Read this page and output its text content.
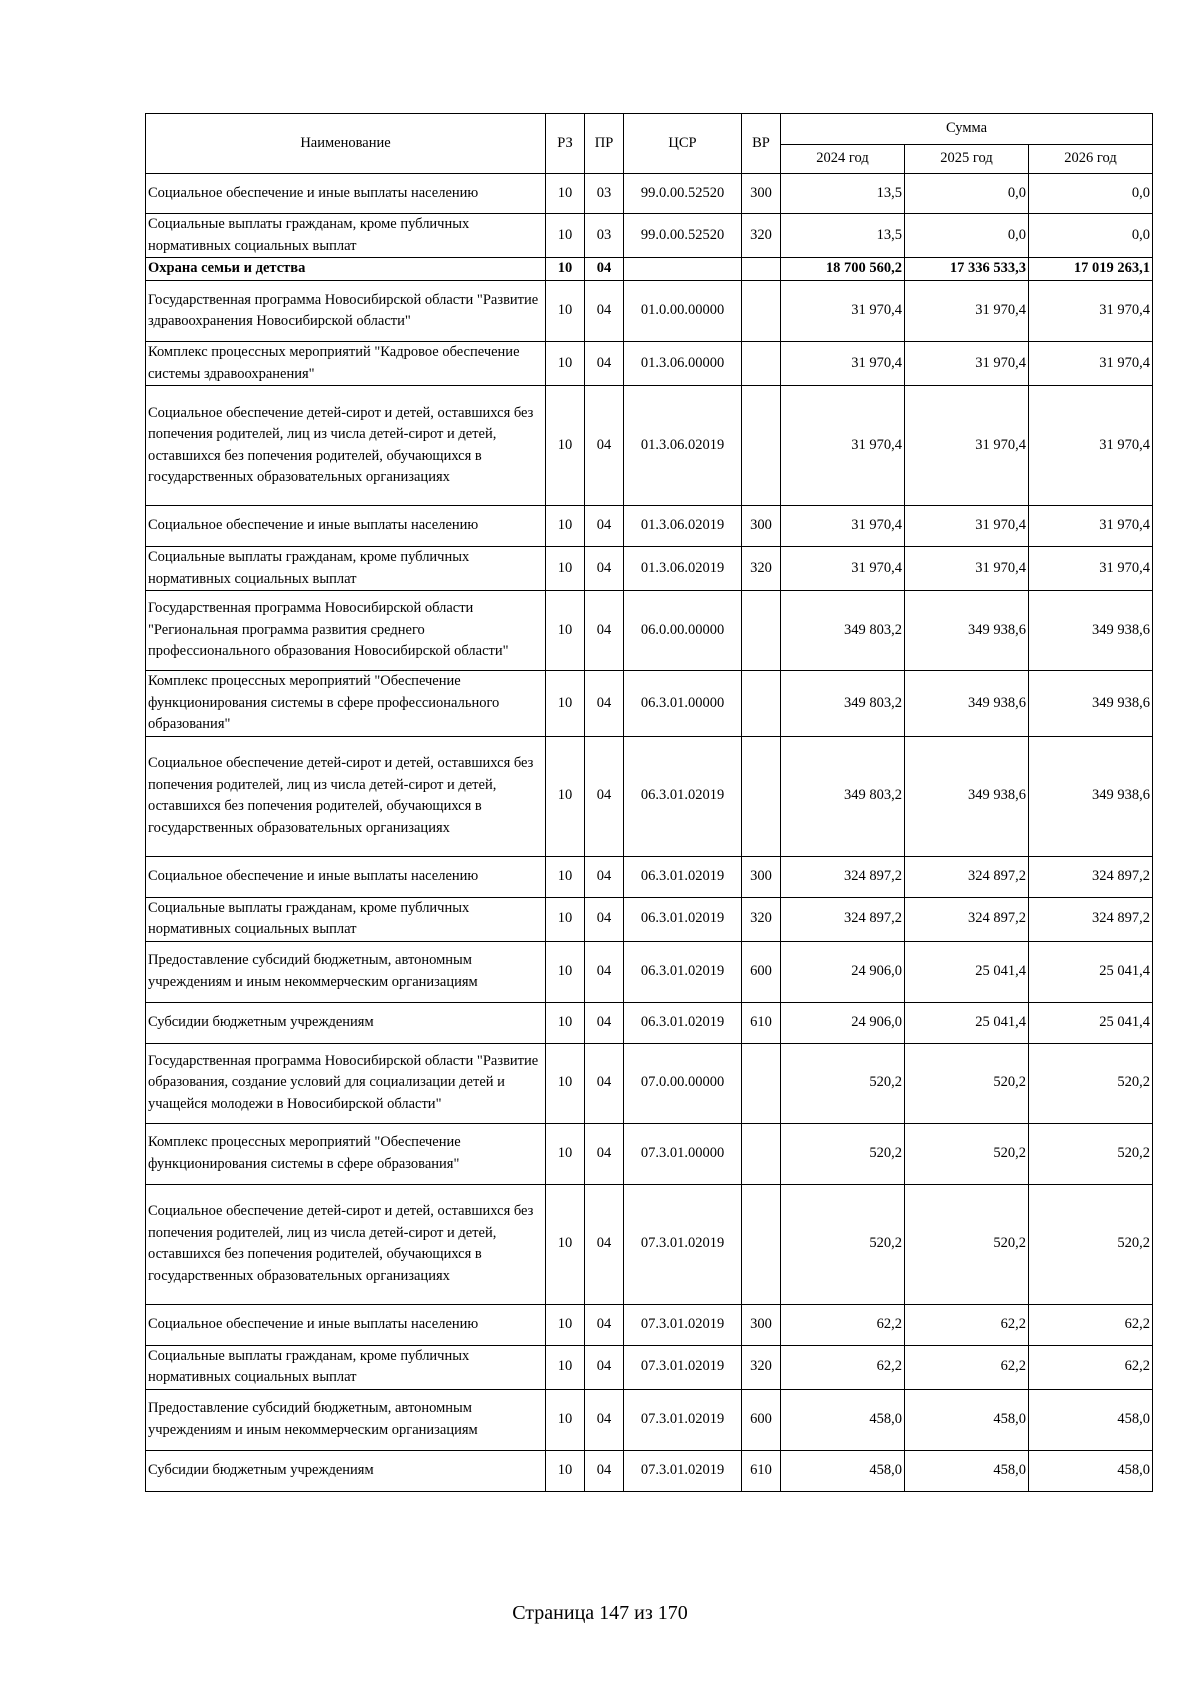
Наименование	РЗ	ПР	ЦСР	ВР	Сумма		
					2024 год	2025 год	2026 год
Социальное обеспечение и иные выплаты населению	10	03	99.0.00.52520	300	13,5	0,0	0,0
Социальные выплаты гражданам, кроме публичных нормативных социальных выплат	10	03	99.0.00.52520	320	13,5	0,0	0,0
Охрана семьи и детства	10	04			18 700 560,2	17 336 533,3	17 019 263,1
Государственная программа Новосибирской области "Развитие здравоохранения Новосибирской области"	10	04	01.0.00.00000		31 970,4	31 970,4	31 970,4
Комплекс процессных мероприятий "Кадровое обеспечение системы здравоохранения"	10	04	01.3.06.00000		31 970,4	31 970,4	31 970,4
Социальное обеспечение детей-сирот и детей, оставшихся без попечения родителей, лиц из числа детей-сирот и детей, оставшихся без попечения родителей, обучающихся в государственных образовательных организациях	10	04	01.3.06.02019		31 970,4	31 970,4	31 970,4
Социальное обеспечение и иные выплаты населению	10	04	01.3.06.02019	300	31 970,4	31 970,4	31 970,4
Социальные выплаты гражданам, кроме публичных нормативных социальных выплат	10	04	01.3.06.02019	320	31 970,4	31 970,4	31 970,4
Государственная программа Новосибирской области "Региональная программа развития среднего профессионального образования Новосибирской области"	10	04	06.0.00.00000		349 803,2	349 938,6	349 938,6
Комплекс процессных мероприятий "Обеспечение функционирования системы в сфере профессионального образования"	10	04	06.3.01.00000		349 803,2	349 938,6	349 938,6
Социальное обеспечение детей-сирот и детей, оставшихся без попечения родителей, лиц из числа детей-сирот и детей, оставшихся без попечения родителей, обучающихся в государственных образовательных организациях	10	04	06.3.01.02019		349 803,2	349 938,6	349 938,6
Социальное обеспечение и иные выплаты населению	10	04	06.3.01.02019	300	324 897,2	324 897,2	324 897,2
Социальные выплаты гражданам, кроме публичных нормативных социальных выплат	10	04	06.3.01.02019	320	324 897,2	324 897,2	324 897,2
Предоставление субсидий бюджетным, автономным учреждениям и иным некоммерческим организациям	10	04	06.3.01.02019	600	24 906,0	25 041,4	25 041,4
Субсидии бюджетным учреждениям	10	04	06.3.01.02019	610	24 906,0	25 041,4	25 041,4
Государственная программа Новосибирской области "Развитие образования, создание условий для социализации детей и учащейся молодежи в Новосибирской области"	10	04	07.0.00.00000		520,2	520,2	520,2
Комплекс процессных мероприятий "Обеспечение функционирования системы в сфере образования"	10	04	07.3.01.00000		520,2	520,2	520,2
Социальное обеспечение детей-сирот и детей, оставшихся без попечения родителей, лиц из числа детей-сирот и детей, оставшихся без попечения родителей, обучающихся в государственных образовательных организациях	10	04	07.3.01.02019		520,2	520,2	520,2
Социальное обеспечение и иные выплаты населению	10	04	07.3.01.02019	300	62,2	62,2	62,2
Социальные выплаты гражданам, кроме публичных нормативных социальных выплат	10	04	07.3.01.02019	320	62,2	62,2	62,2
Предоставление субсидий бюджетным, автономным учреждениям и иным некоммерческим организациям	10	04	07.3.01.02019	600	458,0	458,0	458,0
Субсидии бюджетным учреждениям	10	04	07.3.01.02019	610	458,0	458,0	458,0
Страница 147 из 170
